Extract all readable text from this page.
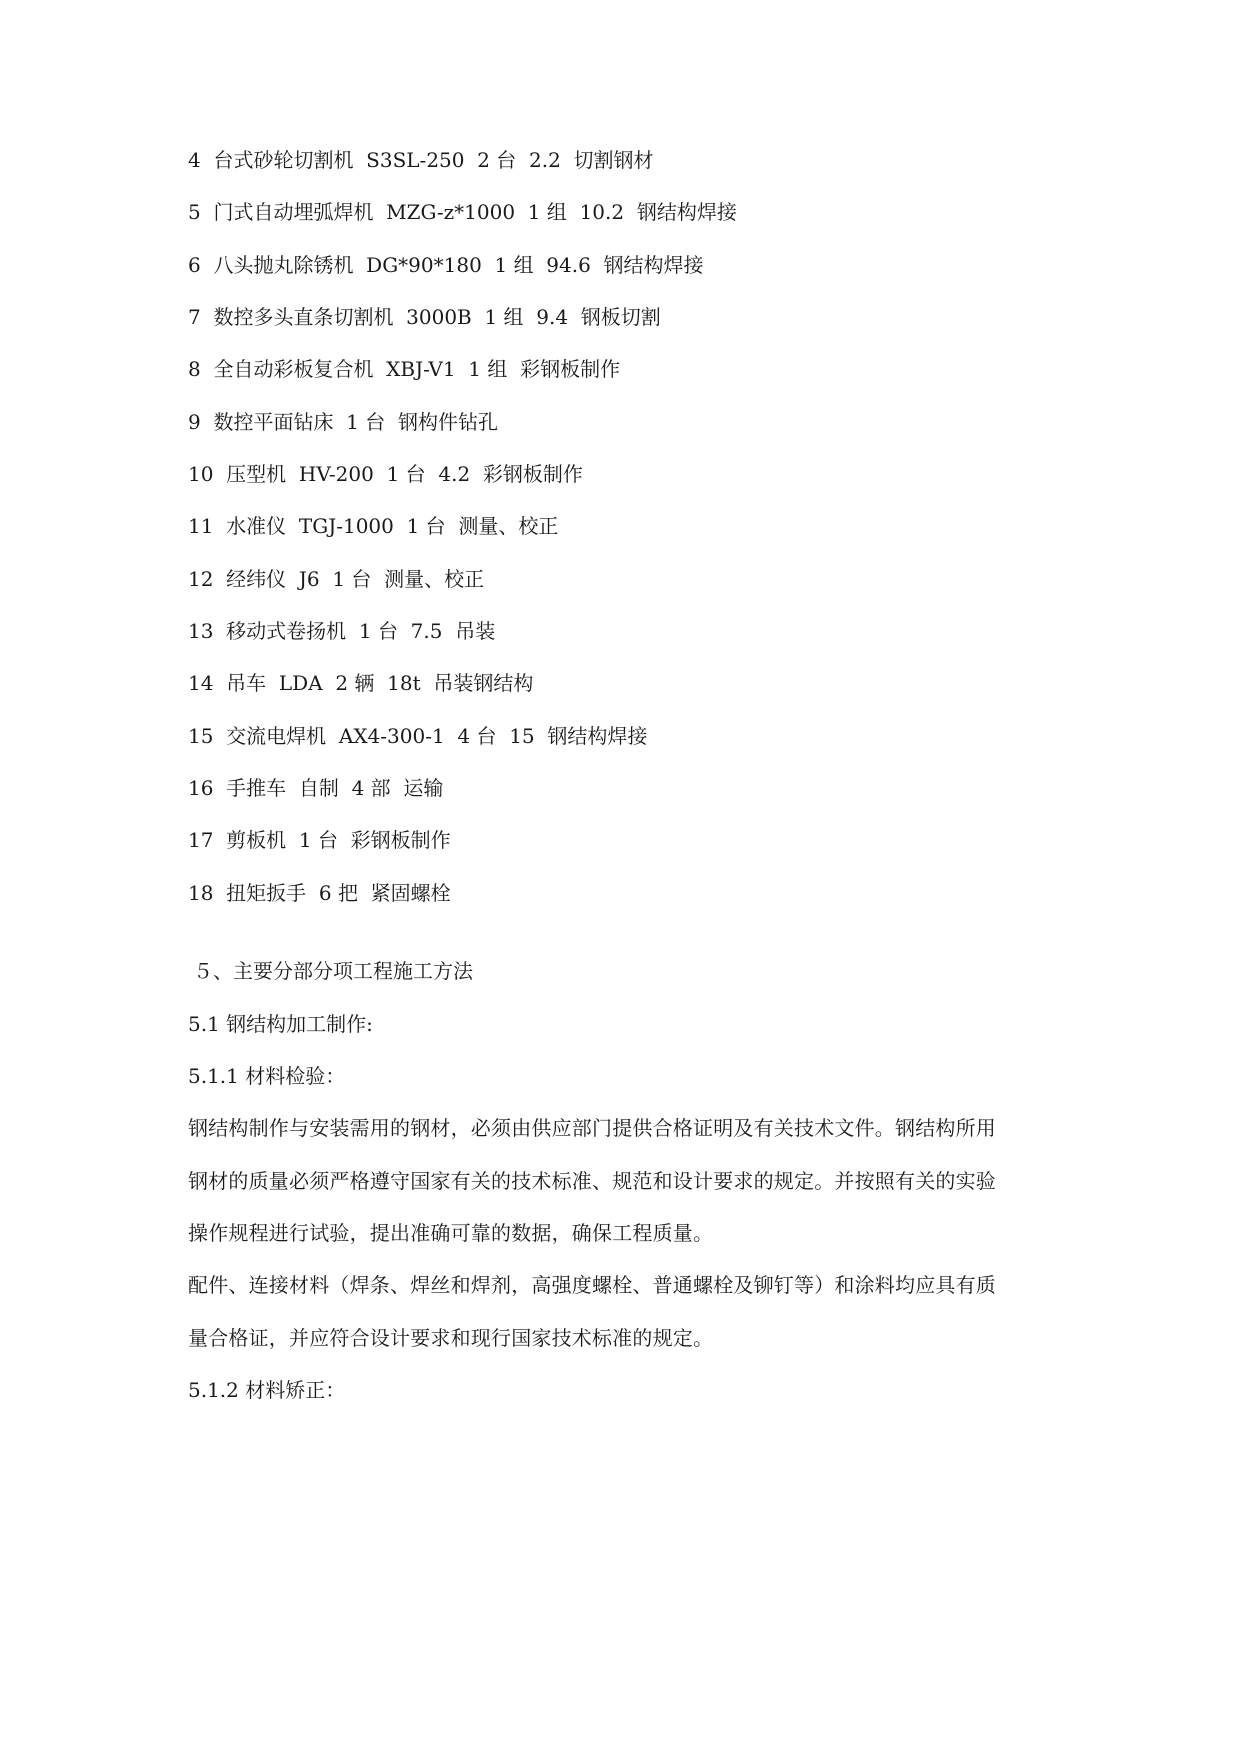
4  台式砂轮切割机  S3SL-250  2 台  2.2  切割钢材
5  门式自动埋弧焊机  MZG-z*1000  1 组  10.2  钢结构焊接
6  八头抛丸除锈机  DG*90*180  1 组  94.6  钢结构焊接
7  数控多头直条切割机  3000B  1 组  9.4  钢板切割
8  全自动彩板复合机  XBJ-V1  1 组  彩钢板制作
9  数控平面钻床  1 台  钢构件钻孔
10  压型机  HV-200  1 台  4.2  彩钢板制作
11  水准仪  TGJ-1000  1 台  测量、校正
12  经纬仪  J6  1 台  测量、校正
13  移动式卷扬机  1 台  7.5  吊装
14  吊车  LDA  2 辆  18t  吊装钢结构
15  交流电焊机  AX4-300-1  4 台  15  钢结构焊接
16  手推车  自制  4 部  运输
17  剪板机  1 台  彩钢板制作
18  扭矩扳手  6 把  紧固螺栓
５、主要分部分项工程施工方法
5.1 钢结构加工制作:
5.1.1 材料检验：
钢结构制作与安装需用的钢材，必须由供应部门提供合格证明及有关技术文件。钢结构所用
钢材的质量必须严格遵守国家有关的技术标准、规范和设计要求的规定。并按照有关的实验
操作规程进行试验，提出准确可靠的数据，确保工程质量。
配件、连接材料（焊条、焊丝和焊剂，高强度螺栓、普通螺栓及铆钉等）和涂料均应具有质
量合格证，并应符合设计要求和现行国家技术标准的规定。
5.1.2 材料矫正：
